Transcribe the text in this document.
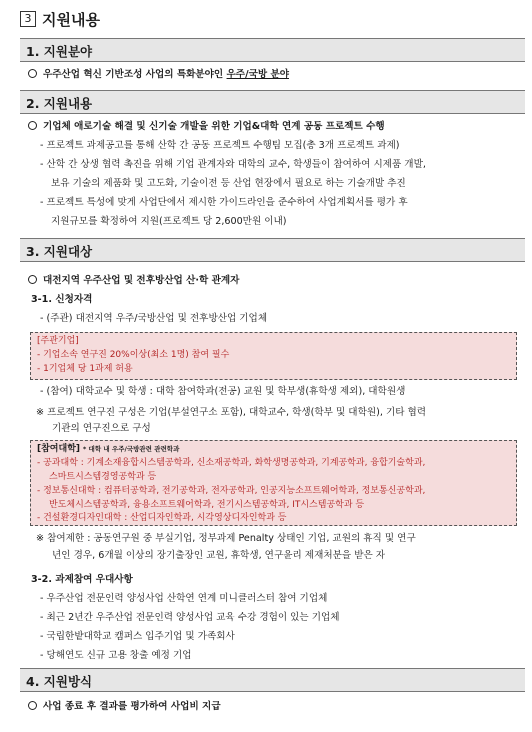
3 지원내용
1. 지원분야
우주산업 혁신 기반조성 사업의 특화분야인 우주/국방 분야
2. 지원내용
기업체 애로기술 해결 및 신기술 개발을 위한 기업&대학 연계 공동 프로젝트 수행
- 프로젝트 과제공고를 통해 산학 간 공동 프로젝트 수행팀 모집(총 3개 프로젝트 과제)
- 산학 간 상생 협력 촉진을 위해 기업 관계자와 대학의 교수, 학생들이 참여하여 시제품 개발,
보유 기술의 제품화 및 고도화, 기술이전 등 산업 현장에서 필요로 하는 기술개발 추진
- 프로젝트 특성에 맞게 사업단에서 제시한 가이드라인을 준수하여 사업계획서를 평가 후
지원규모를 확정하여 지원(프로젝트 당 2,600만원 이내)
3. 지원대상
대전지역 우주산업 및 전후방산업 산·학 관계자
3-1. 신청자격
- (주관) 대전지역 우주/국방산업 및 전후방산업 기업체
[주관기업]
- 기업소속 연구진 20%이상(최소 1명) 참여 필수
- 1기업체 당 1과제 허용
- (참여) 대학교수 및 학생 : 대학 참여학과(전공) 교원 및 학부생(휴학생 제외), 대학원생
※ 프로젝트 연구진 구성은 기업(부설연구소 포함), 대학교수, 학생(학부 및 대학원), 기타 협력
기관의 연구진으로 구성
[참여대학] * 대학 내 우주/국방관련 관련학과
- 공과대학 : 기계소재융합시스템공학과, 신소재공학과, 화학생명공학과, 기계공학과, 융합기술학과,
스마트시스템경영공학과 등
- 정보통신대학 : 컴퓨터공학과, 전기공학과, 전자공학과, 인공지능소프트웨어학과, 정보통신공학과,
반도체시스템공학과, 융용소프트웨어학과, 전기시스템공학과, IT시스템공학과 등
- 건설환경디자인대학 : 산업디자인학과, 시각영상디자인학과 등
※ 참여제한 : 공동연구원 중 부실기업, 정부과제 Penalty 상태인 기업, 교원의 휴직 및 연구
년인 경우, 6개월 이상의 장기출장인 교원, 휴학생, 연구윤리 제재처분을 받은 자
3-2. 과제참여 우대사항
- 우주산업 전문인력 양성사업 산학연 연계 미니클러스터 참여 기업체
- 최근 2년간 우주산업 전문인력 양성사업 교육 수강 경험이 있는 기업체
- 국립한밭대학교 캠퍼스 입주기업 및 가족회사
- 당해연도 신규 고용 창출 예정 기업
4. 지원방식
사업 종료 후 결과를 평가하여 사업비 지급
